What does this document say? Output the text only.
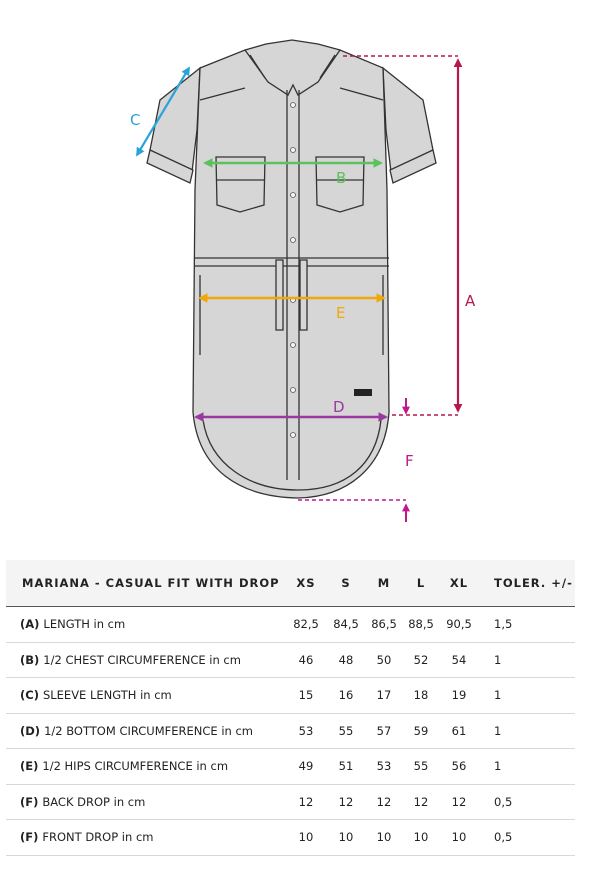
A
B
C
E
D
F
MARIANA - CASUAL FIT WITH DROP	XS	S	M	L	XL	TOLER. +/-
(A) LENGTH in cm	82,5	84,5	86,5	88,5	90,5	1,5
(B) 1/2 CHEST CIRCUMFERENCE in cm	46	48	50	52	54	1
(C) SLEEVE LENGTH in cm	15	16	17	18	19	1
(D) 1/2 BOTTOM CIRCUMFERENCE in cm	53	55	57	59	61	1
(E) 1/2 HIPS CIRCUMFERENCE in cm	49	51	53	55	56	1
(F) BACK DROP in cm	12	12	12	12	12	0,5
(F) FRONT DROP in cm	10	10	10	10	10	0,5
